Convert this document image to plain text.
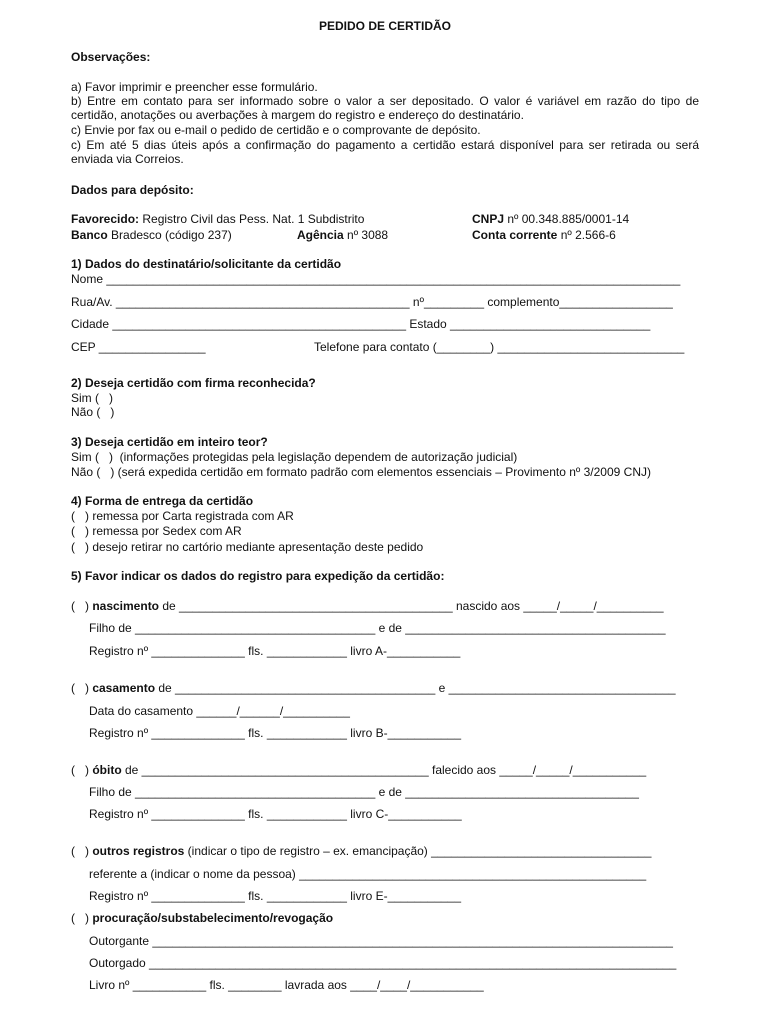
PEDIDO DE CERTIDÃO
Observações:
a) Favor imprimir e preencher esse formulário.
b) Entre em contato para ser informado sobre o valor a ser depositado. O valor é variável em razão do tipo de
certidão, anotações ou averbações à margem do registro e endereço do destinatário.
c) Envie por fax ou e-mail o pedido de certidão e o comprovante de depósito.
c) Em até 5 dias úteis após a confirmação do pagamento a certidão estará disponível para ser retirada ou será
enviada via Correios.
Dados para depósito:
Favorecido: Registro Civil das Pess. Nat. 1 Subdistrito	CNPJ nº 00.348.885/0001-14
Banco Bradesco (código 237)	Agência nº 3088	Conta corrente nº 2.566-6
1) Dados do destinatário/solicitante da certidão
Nome ______________________________________________________________________________________
Rua/Av. ____________________________________________ nº_________ complemento_________________
Cidade ____________________________________________ Estado ______________________________
CEP ________________	Telefone para contato (________) ____________________________
2) Deseja certidão com firma reconhecida?
Sim (   )
Não (   )
3) Deseja certidão em inteiro teor?
Sim (   )  (informações protegidas pela legislação dependem de autorização judicial)
Não (   ) (será expedida certidão em formato padrão com elementos essenciais – Provimento nº 3/2009 CNJ)
4) Forma de entrega da certidão
(   ) remessa por Carta registrada com AR
(   ) remessa por Sedex com AR
(   ) desejo retirar no cartório mediante apresentação deste pedido
5) Favor indicar os dados do registro para expedição da certidão:
(   ) nascimento de _________________________________________ nascido aos _____/_____/__________
Filho de ____________________________________ e de _______________________________________
Registro nº ______________ fls. ____________ livro A-___________
(   ) casamento de _______________________________________ e __________________________________
Data do casamento ______/______/__________
Registro nº ______________ fls. ____________ livro B-___________
(   ) óbito de ___________________________________________ falecido aos _____/_____/___________
Filho de ____________________________________ e de ___________________________________
Registro nº ______________ fls. ____________ livro C-___________
(   ) outros registros (indicar o tipo de registro – ex. emancipação) _________________________________
referente a (indicar o nome da pessoa) ____________________________________________________
Registro nº ______________ fls. ____________ livro E-___________
(   ) procuração/substabelecimento/revogação
Outorgante ______________________________________________________________________________
Outorgado _______________________________________________________________________________
Livro nº ___________ fls. ________ lavrada aos ____/____/___________
